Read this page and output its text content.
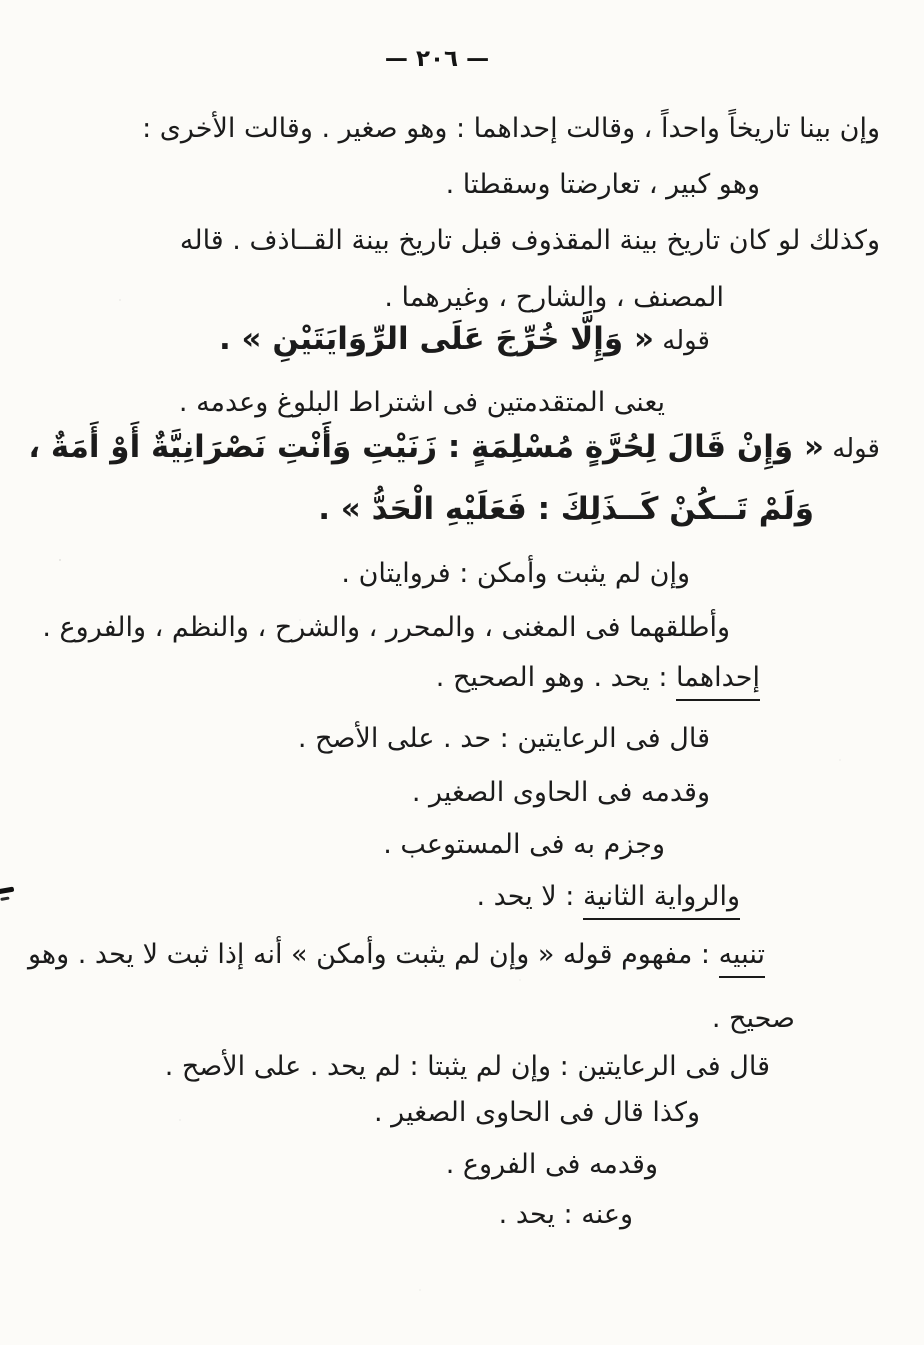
— ٢٠٦ —
وإن بينا تاريخاً واحداً ، وقالت إحداهما : وهو صغير . وقالت الأخرى :
وهو كبير ، تعارضتا وسقطتا .
وكذلك لو كان تاريخ بينة المقذوف قبل تاريخ بينة القــاذف . قاله
المصنف ، والشارح ، وغيرهما .
قوله « وَإِلَّا خُرِّجَ عَلَى الرِّوَايَتَيْنِ » .
يعنى المتقدمتين فى اشتراط البلوغ وعدمه .
قوله « وَإِنْ قَالَ لِحُرَّةٍ مُسْلِمَةٍ : زَنَيْتِ وَأَنْتِ نَصْرَانِيَّةٌ أَوْ أَمَةٌ ،
وَلَمْ تَــكُنْ كَــذَلِكَ : فَعَلَيْهِ الْحَدُّ » .
وإن لم يثبت وأمكن : فروايتان .
وأطلقهما فى المغنى ، والمحرر ، والشرح ، والنظم ، والفروع .
إحداهما : يحد . وهو الصحيح .
قال فى الرعايتين : حد . على الأصح .
وقدمه فى الحاوى الصغير .
وجزم به فى المستوعب .
والرواية الثانية : لا يحد .
تنبيه : مفهوم قوله « وإن لم يثبت وأمكن » أنه إذا ثبت لا يحد . وهو
صحيح .
قال فى الرعايتين : وإن لم يثبتا : لم يحد . على الأصح .
وكذا قال فى الحاوى الصغير .
وقدمه فى الفروع .
وعنه : يحد .
